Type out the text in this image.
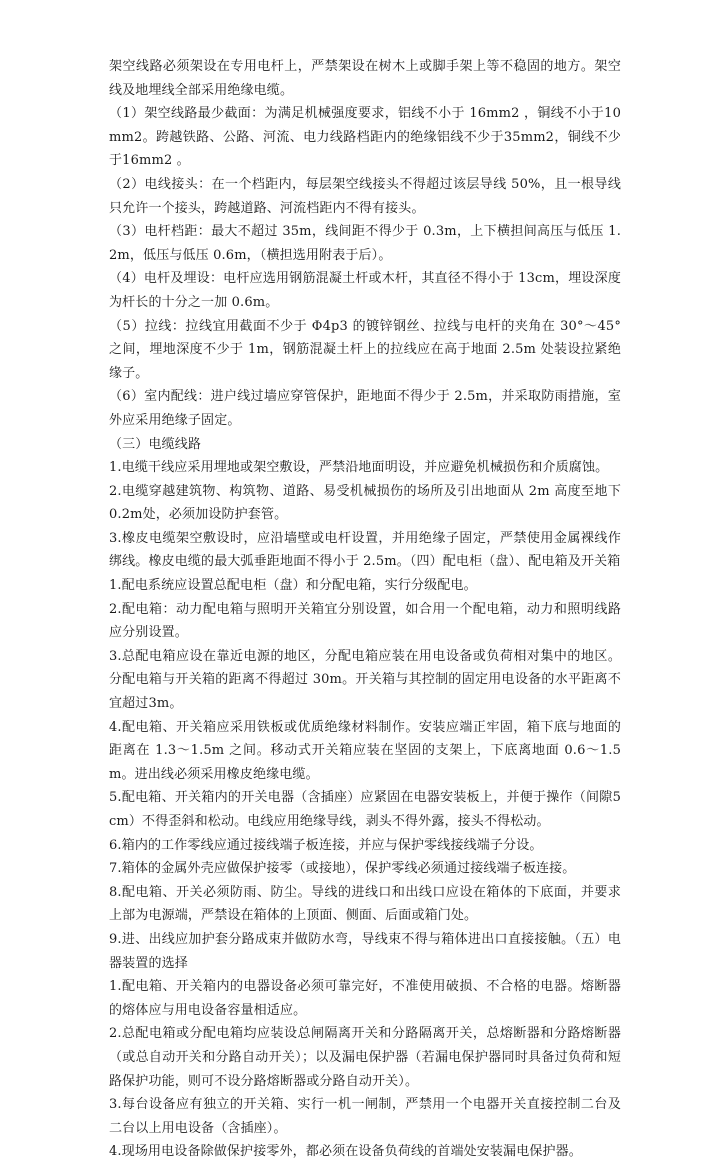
架空线路必须架设在专用电杆上，严禁架设在树木上或脚手架上等不稳固的地方。架空线及地埋线全部采用绝缘电缆。

（1）架空线路最少截面：为满足机械强度要求，铝线不小于 16mm2 ，铜线不小于10mm2。跨越铁路、公路、河流、电力线路档距内的绝缘铝线不少于35mm2，铜线不少于16mm2 。

（2）电线接头：在一个档距内，每层架空线接头不得超过该层导线 50%，且一根导线只允许一个接头，跨越道路、河流档距内不得有接头。

（3）电杆档距：最大不超过 35m，线间距不得少于 0.3m，上下横担间高压与低压 1.2m，低压与低压 0.6m，（横担选用附表于后）。

（4）电杆及埋设：电杆应选用钢筋混凝土杆或木杆，其直径不得小于 13cm，埋设深度为杆长的十分之一加 0.6m。

（5）拉线：拉线宜用截面不少于 Φ4p3 的镀锌钢丝、拉线与电杆的夹角在 30°～45°之间，埋地深度不少于 1m，钢筋混凝土杆上的拉线应在高于地面 2.5m 处装设拉紧绝缘子。

（6）室内配线：进户线过墙应穿管保护，距地面不得少于 2.5m，并采取防雨措施，室外应采用绝缘子固定。

（三）电缆线路

1.电缆干线应采用埋地或架空敷设，严禁沿地面明设，并应避免机械损伤和介质腐蚀。

2.电缆穿越建筑物、构筑物、道路、易受机械损伤的场所及引出地面从 2m 高度至地下 0.2m处，必须加设防护套管。

3.橡皮电缆架空敷设时，应沿墙壁或电杆设置，并用绝缘子固定，严禁使用金属裸线作绑线。橡皮电缆的最大弧垂距地面不得小于 2.5m。（四）配电柜（盘）、配电箱及开关箱

1.配电系统应设置总配电柜（盘）和分配电箱，实行分级配电。

2.配电箱：动力配电箱与照明开关箱宜分别设置，如合用一个配电箱，动力和照明线路应分别设置。

3.总配电箱应设在靠近电源的地区，分配电箱应装在用电设备或负荷相对集中的地区。分配电箱与开关箱的距离不得超过 30m。开关箱与其控制的固定用电设备的水平距离不宜超过3m。

4.配电箱、开关箱应采用铁板或优质绝缘材料制作。安装应端正牢固，箱下底与地面的距离在 1.3～1.5m 之间。移动式开关箱应装在坚固的支架上，下底离地面 0.6～1.5m。进出线必须采用橡皮绝缘电缆。

5.配电箱、开关箱内的开关电器（含插座）应紧固在电器安装板上，并便于操作（间隙5cm）不得歪斜和松动。电线应用绝缘导线，剥头不得外露，接头不得松动。

6.箱内的工作零线应通过接线端子板连接，并应与保护零线接线端子分设。

7.箱体的金属外壳应做保护接零（或接地），保护零线必须通过接线端子板连接。

8.配电箱、开关必须防雨、防尘。导线的进线口和出线口应设在箱体的下底面，并要求上部为电源端，严禁设在箱体的上顶面、侧面、后面或箱门处。

9.进、出线应加护套分路成束并做防水弯，导线束不得与箱体进出口直接接触。（五）电器装置的选择

1.配电箱、开关箱内的电器设备必须可靠完好，不准使用破损、不合格的电器。熔断器的熔体应与用电设备容量相适应。

2.总配电箱或分配电箱均应装设总闸隔离开关和分路隔离开关，总熔断器和分路熔断器（或总自动开关和分路自动开关）；以及漏电保护器（若漏电保护器同时具备过负荷和短路保护功能，则可不设分路熔断器或分路自动开关）。

3.每台设备应有独立的开关箱、实行一机一闸制，严禁用一个电器开关直接控制二台及二台以上用电设备（含插座）。

4.现场用电设备除做保护接零外，都必须在设备负荷线的首端处安装漏电保护器。
